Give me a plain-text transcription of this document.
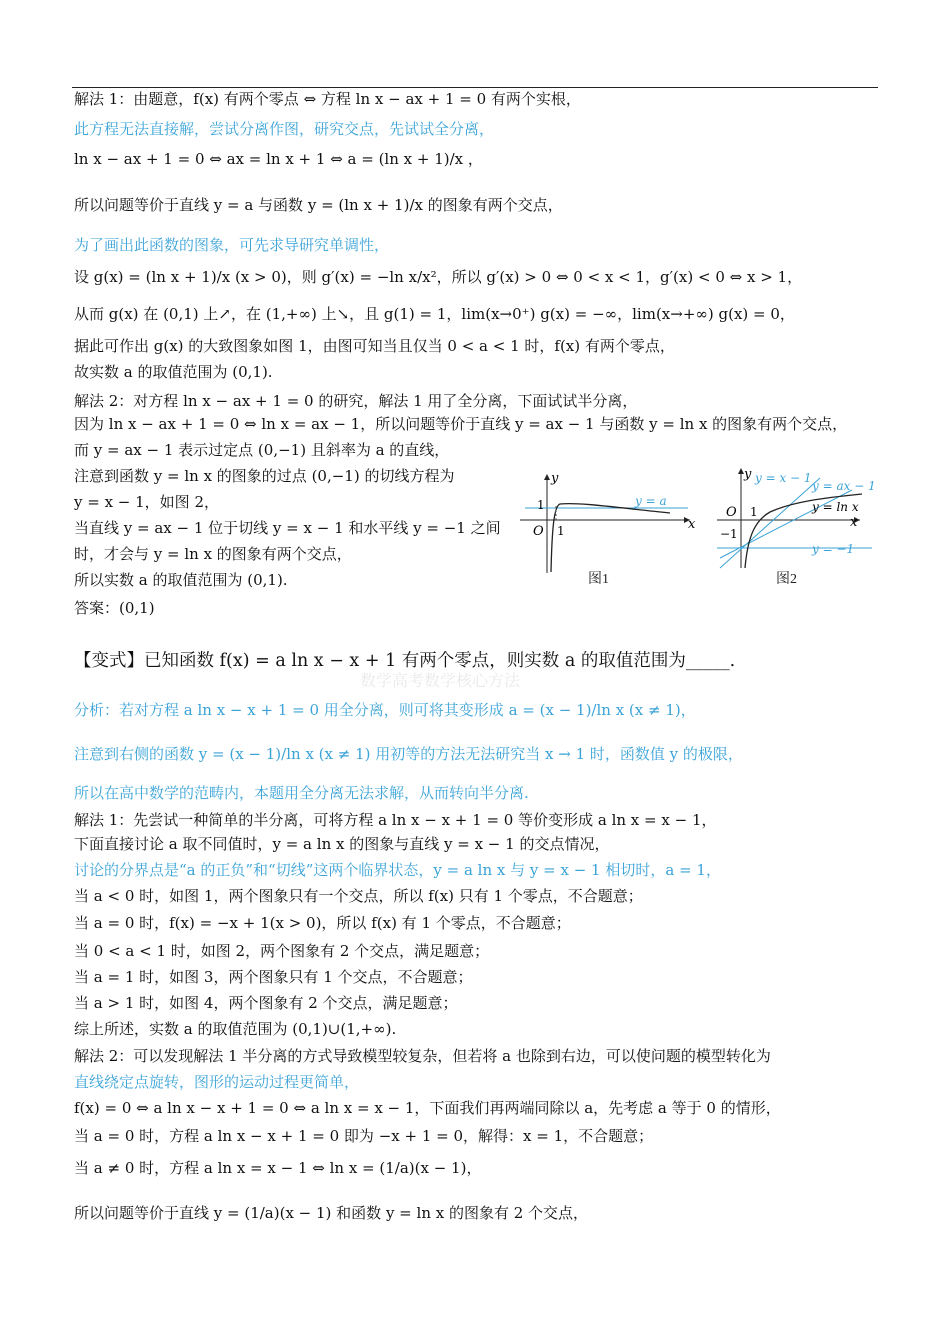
解法 1：由题意，f(x) 有两个零点 ⇔ 方程 ln x − ax + 1 = 0 有两个实根，
此方程无法直接解，尝试分离作图，研究交点，先试试全分离，
ln x − ax + 1 = 0 ⇔ ax = ln x + 1 ⇔ a = (ln x + 1)/x ，
所以问题等价于直线 y = a 与函数 y = (ln x + 1)/x 的图象有两个交点，
为了画出此函数的图象，可先求导研究单调性，
设 g(x) = (ln x + 1)/x (x > 0)，则 g′(x) = −ln x/x²，所以 g′(x) > 0 ⇔ 0 < x < 1，g′(x) < 0 ⇔ x > 1，
从而 g(x) 在 (0,1) 上↗，在 (1,+∞) 上↘，且 g(1) = 1，lim(x→0⁺) g(x) = −∞，lim(x→+∞) g(x) = 0，
据此可作出 g(x) 的大致图象如图 1，由图可知当且仅当 0 < a < 1 时，f(x) 有两个零点，
故实数 a 的取值范围为 (0,1).
解法 2：对方程 ln x − ax + 1 = 0 的研究，解法 1 用了全分离，下面试试半分离，
因为 ln x − ax + 1 = 0 ⇔ ln x = ax − 1，所以问题等价于直线 y = ax − 1 与函数 y = ln x 的图象有两个交点，
而 y = ax − 1 表示过定点 (0,−1) 且斜率为 a 的直线，
注意到函数 y = ln x 的图象的过点 (0,−1) 的切线方程为
y = x − 1，如图 2，
当直线 y = ax − 1 位于切线 y = x − 1 和水平线 y = −1 之间
时，才会与 y = ln x 的图象有两个交点，
所以实数 a 的取值范围为 (0,1).
答案：(0,1)
【变式】已知函数 f(x) = a ln x − x + 1 有两个零点，则实数 a 的取值范围为_____.
分析：若对方程 a ln x − x + 1 = 0 用全分离，则可将其变形成 a = (x − 1)/ln x (x ≠ 1)，
注意到右侧的函数 y = (x − 1)/ln x (x ≠ 1) 用初等的方法无法研究当 x → 1 时，函数值 y 的极限，
所以在高中数学的范畴内，本题用全分离无法求解，从而转向半分离.
解法 1：先尝试一种简单的半分离，可将方程 a ln x − x + 1 = 0 等价变形成 a ln x = x − 1，
下面直接讨论 a 取不同值时，y = a ln x 的图象与直线 y = x − 1 的交点情况，
讨论的分界点是“a 的正负”和“切线”这两个临界状态，y = a ln x 与 y = x − 1 相切时，a = 1，
当 a < 0 时，如图 1，两个图象只有一个交点，所以 f(x) 只有 1 个零点，不合题意；
当 a = 0 时，f(x) = −x + 1(x > 0)，所以 f(x) 有 1 个零点，不合题意；
当 0 < a < 1 时，如图 2，两个图象有 2 个交点，满足题意；
当 a = 1 时，如图 3，两个图象只有 1 个交点，不合题意；
当 a > 1 时，如图 4，两个图象有 2 个交点，满足题意；
综上所述，实数 a 的取值范围为 (0,1)∪(1,+∞).
解法 2：可以发现解法 1 半分离的方式导致模型较复杂，但若将 a 也除到右边，可以使问题的模型转化为
直线绕定点旋转，图形的运动过程更简单，
f(x) = 0 ⇔ a ln x − x + 1 = 0 ⇔ a ln x = x − 1，下面我们再两端同除以 a，先考虑 a 等于 0 的情形，
当 a = 0 时，方程 a ln x − x + 1 = 0 即为 −x + 1 = 0，解得：x = 1，不合题意；
当 a ≠ 0 时，方程 a ln x = x − 1 ⇔ ln x = (1/a)(x − 1)，
所以问题等价于直线 y = (1/a)(x − 1) 和函数 y = ln x 的图象有 2 个交点，
数学高考数学核心方法
y
x
O
1
1
y = a
图1
y
x
O 1
−1
y = x − 1
y = ax − 1
y = ln x
y = −1
图2
